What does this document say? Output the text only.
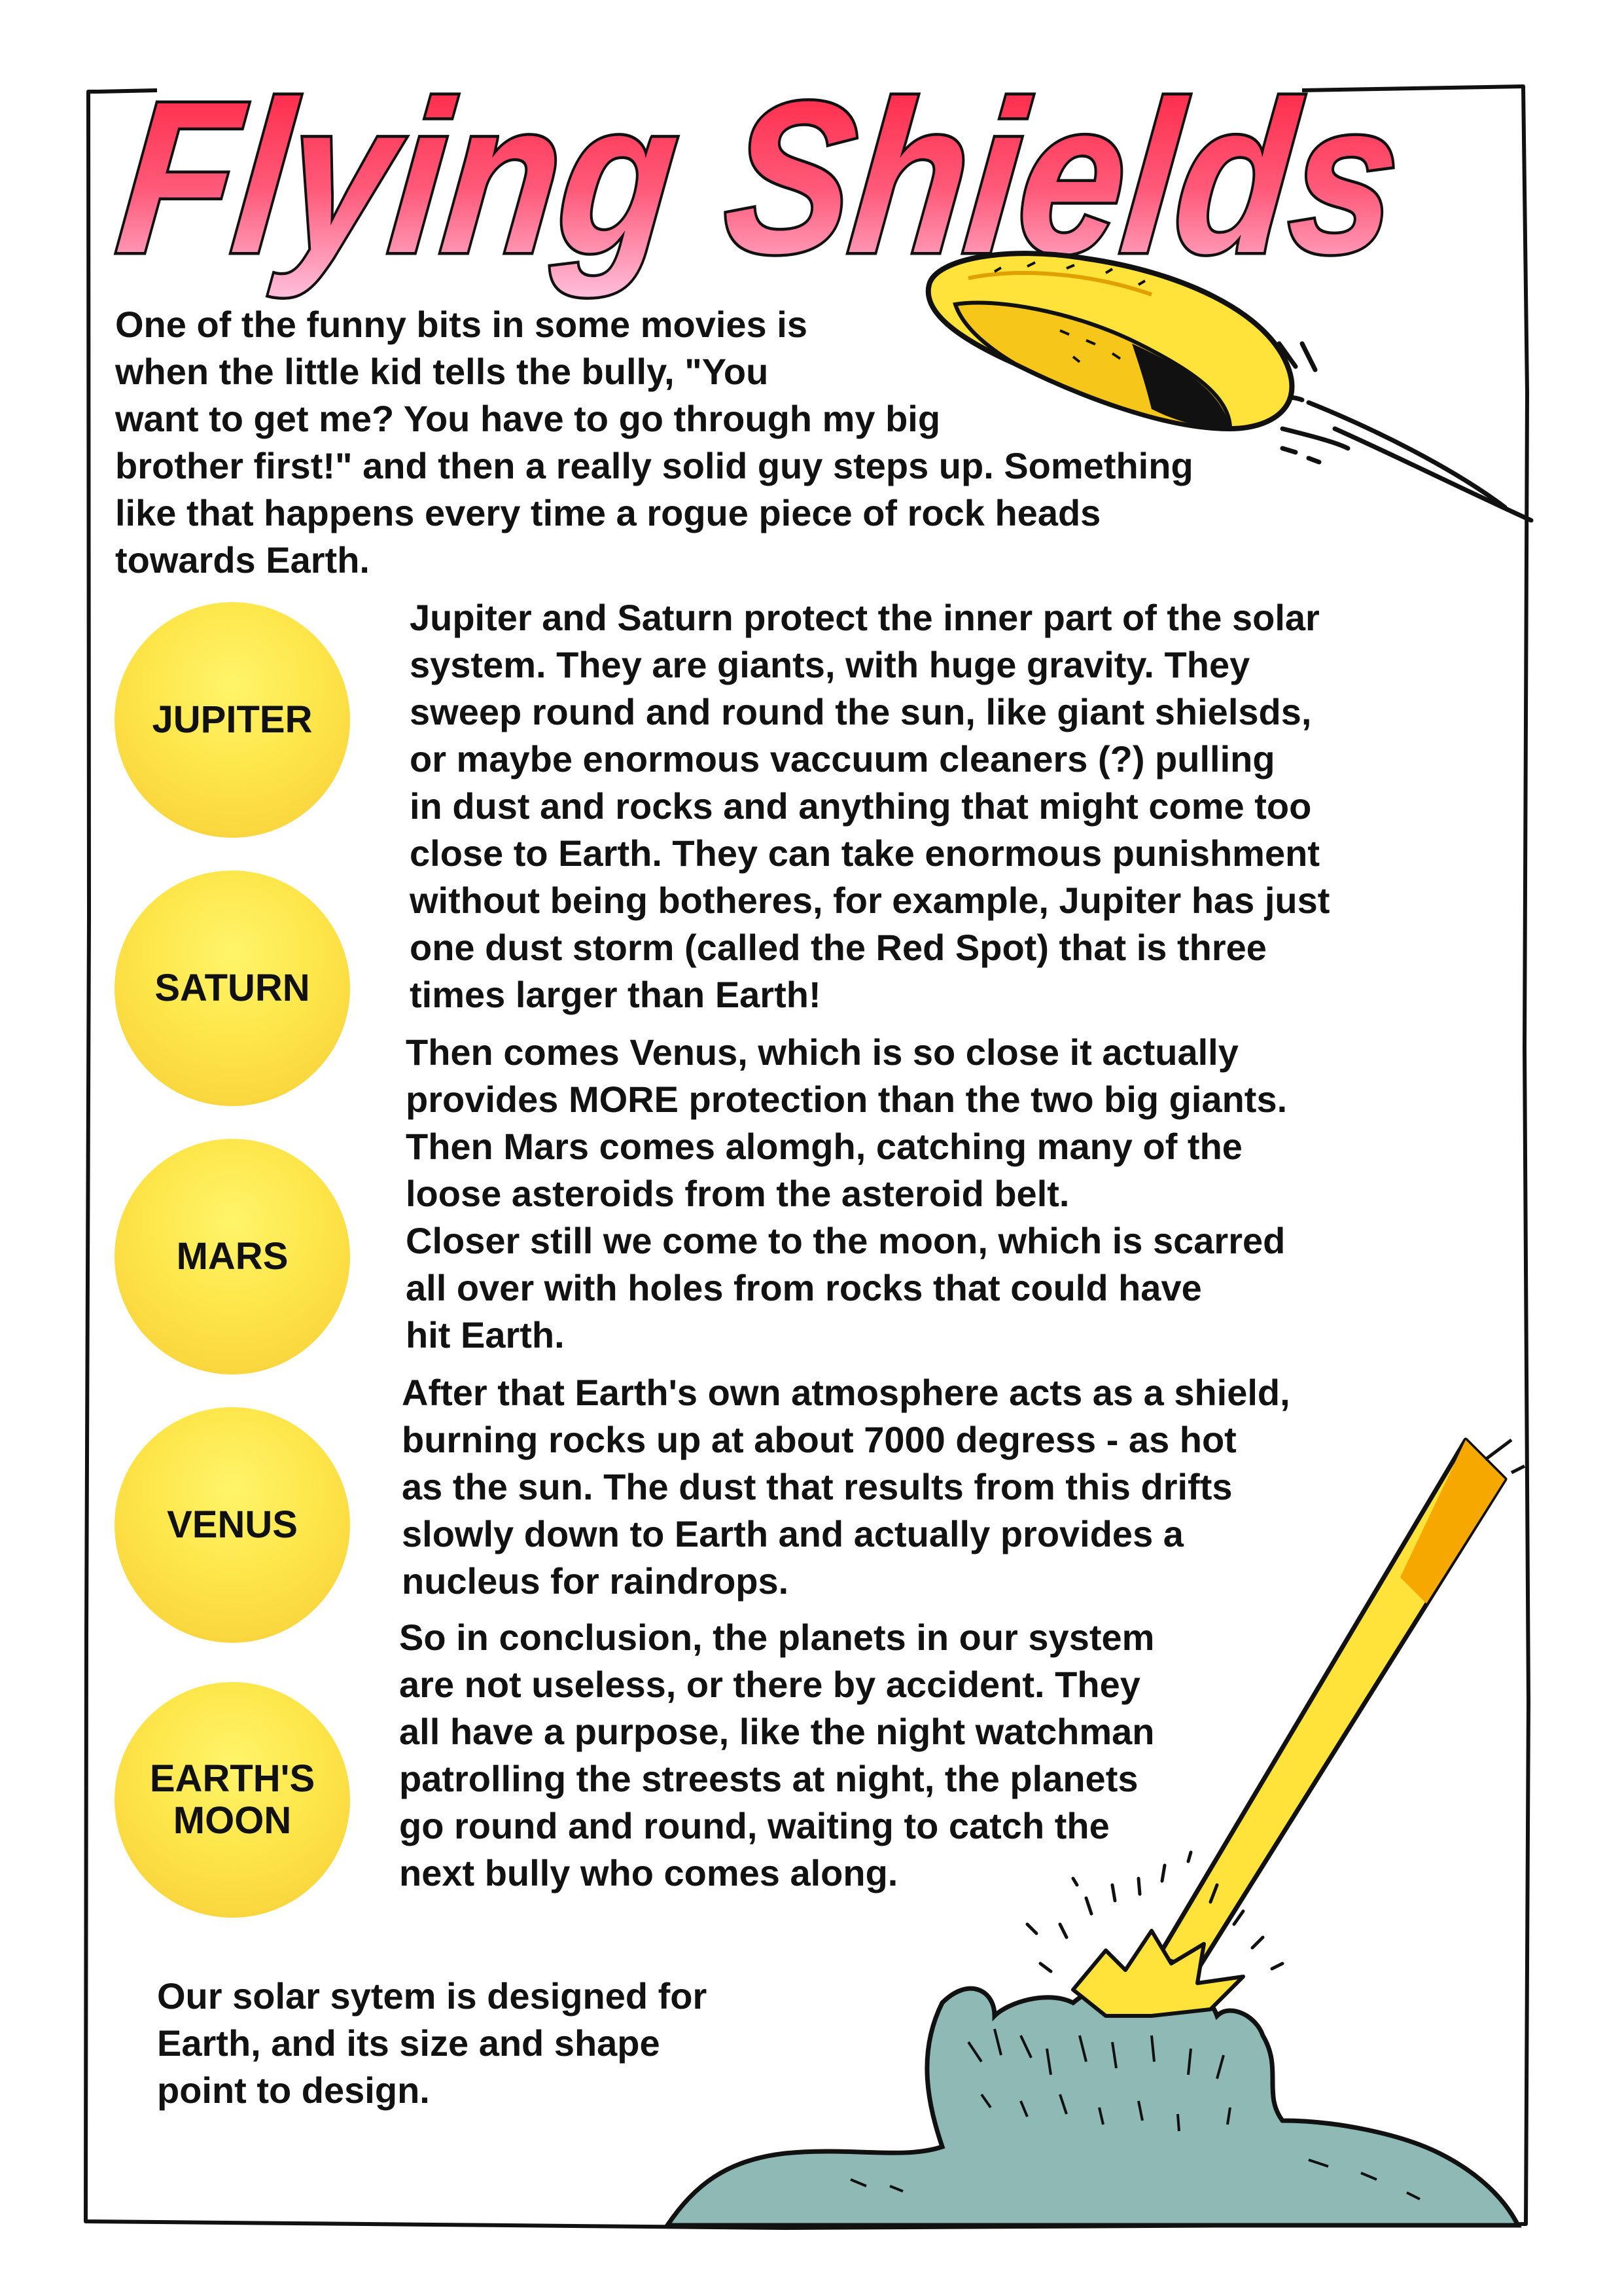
Flying Shields

One of the funny bits in some movies is
when the little kid tells the bully, "You
want to get me? You have to go through my big
brother first!" and then a really solid guy steps up. Something
like that happens every time a rogue piece of rock heads
towards Earth.

JUPITER
SATURN
MARS
VENUS
EARTH'S
MOON

Jupiter and Saturn protect the inner part of the solar
system. They are giants, with huge gravity. They
sweep round and round the sun, like giant shielsds,
or maybe enormous vaccuum cleaners (?) pulling
in dust and rocks and anything that might come too
close to Earth. They can take enormous punishment
without being botheres, for example, Jupiter has just
one dust storm (called the Red Spot) that is three
times larger than Earth!

Then comes Venus, which is so close it actually
provides MORE protection than the two big giants.
Then Mars comes alomgh, catching many of the
loose asteroids from the asteroid belt.
Closer still we come to the moon, which is scarred
all over with holes from rocks that could have
hit Earth.

After that Earth's own atmosphere acts as a shield,
burning rocks up at about 7000 degress - as hot
as the sun. The dust that results from this drifts
slowly down to Earth and actually provides a
nucleus for raindrops.

So in conclusion, the planets in our system
are not useless, or there by accident. They
all have a purpose, like the night watchman
patrolling the streests at night, the planets
go round and round, waiting to catch the
next bully who comes along.

Our solar sytem is designed for
Earth, and its size and shape
point to design.
